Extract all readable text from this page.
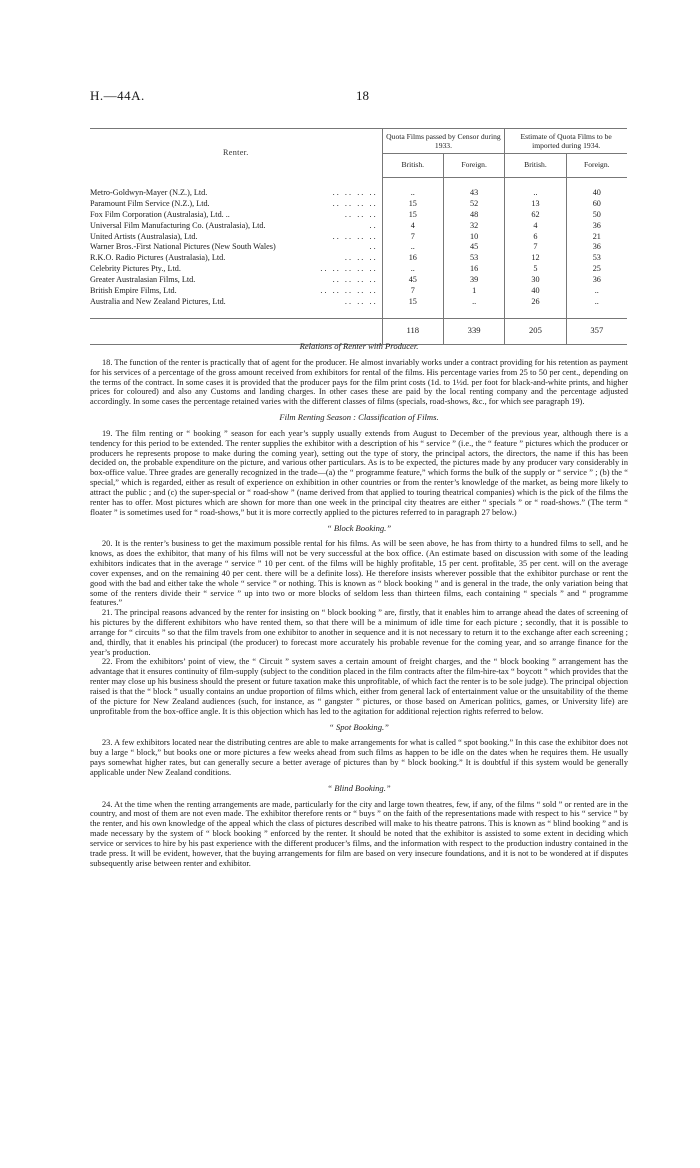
H.—44A.	18
Renter.	Quota Films passed by Censor during 1933.		Estimate of Quota Films to be imported during 1934.	
	British.	Foreign.	British.	Foreign.

Metro-Goldwyn-Mayer (N.Z.), Ltd. . .   . .   . .   . .	..	43	..	40
Paramount Film Service (N.Z.), Ltd. . .   . .   . .   . .	15	52	13	60
Fox Film Corporation (Australasia), Ltd. .. . .   . .   . .	15	48	62	50
Universal Film Manufacturing Co. (Australasia), Ltd. . .	4	32	4	36
United Artists (Australasia), Ltd. . .   . .   . .   . .	7	10	6	21
Warner Bros.-First National Pictures (New South Wales) . .	..	45	7	36
R.K.O. Radio Pictures (Australasia), Ltd. . .   . .   . .	16	53	12	53
Celebrity Pictures Pty., Ltd. . .   . .   . .   . .   . .	..	16	5	25
Greater Australasian Films, Ltd. . .   . .   . .   . .	45	39	30	36
British Empire Films, Ltd. . .   . .   . .   . .   . .	7	1	40	..
Australia and New Zealand Pictures, Ltd. . .   . .   . .	15	..	26	..

	118	339	205	357
Relations of Renter with Producer.

18. The function of the renter is practically that of agent for the producer. He almost invariably works under a contract providing for his retention as payment for his services of a percentage of the gross amount received from exhibitors for rental of the films. His percentage varies from 25 to 50 per cent., depending on the terms of the contract. In some cases it is provided that the producer pays for the film print costs (1d. to 1½d. per foot for black-and-white prints, and higher prices for coloured) and also any Customs and landing charges. In other cases these are paid by the local renting company and the percentage adjusted accordingly. In some cases the percentage retained varies with the different classes of films (specials, road-shows, &c., for which see paragraph 19).

Film Renting Season : Classification of Films.

19. The film renting or “ booking ” season for each year’s supply usually extends from August to December of the previous year, although there is a tendency for this period to be extended. The renter supplies the exhibitor with a description of his “ service ” (i.e., the “ feature ” pictures which the producer or producers he represents propose to make during the coming year), setting out the type of story, the principal actors, the directors, the name if this has been decided on, the probable expenditure on the picture, and various other particulars. As is to be expected, the pictures made by any producer vary considerably in box-office value. Three grades are generally recognized in the trade—(a) the “ programme feature,” which forms the bulk of the supply or “ service ” ; (b) the “ special,” which is regarded, either as result of experience on exhibition in other countries or from the renter’s knowledge of the market, as being more likely to attract the public ; and (c) the super-special or “ road-show ” (name derived from that applied to touring theatrical companies) which is the pick of the films the renter has to offer. Most pictures which are shown for more than one week in the principal city theatres are either “ specials ” or “ road-shows.” (The term “ floater ” is sometimes used for “ road-shows,” but it is more correctly applied to the pictures referred to in paragraph 27 below.)

“ Block Booking.”

20. It is the renter’s business to get the maximum possible rental for his films. As will be seen above, he has from thirty to a hundred films to sell, and he knows, as does the exhibitor, that many of his films will not be very successful at the box office. (An estimate based on discussion with some of the leading exhibitors indicates that in the average “ service ” 10 per cent. of the films will be highly profitable, 15 per cent. profitable, 35 per cent. will on the average cover expenses, and on the remaining 40 per cent. there will be a definite loss). He therefore insists wherever possible that the exhibitor purchase or rent the good with the bad and either take the whole “ service ” or nothing. This is known as “ block booking ” and is general in the trade, the only variation being that some of the renters divide their “ service ” up into two or more blocks of seldom less than thirteen films, each containing “ specials ” and “ programme features.”

21. The principal reasons advanced by the renter for insisting on “ block booking ” are, firstly, that it enables him to arrange ahead the dates of screening of his pictures by the different exhibitors who have rented them, so that there will be a minimum of idle time for each picture ; secondly, that it is possible to arrange for “ circuits ” so that the film travels from one exhibitor to another in sequence and it is not necessary to return it to the exchange after each screening ; and, thirdly, that it enables his principal (the producer) to forecast more accurately his probable revenue for the coming year, and so arrange finance for the year’s production.

22. From the exhibitors’ point of view, the “ Circuit ” system saves a certain amount of freight charges, and the “ block booking ” arrangement has the advantage that it ensures continuity of film-supply (subject to the condition placed in the film contracts after the film-hire-tax “ boycott ” which provides that the renter may close up his business should the present or future taxation make this unprofitable, of which fact the renter is to be sole judge). The principal objection raised is that the “ block ” usually contains an undue proportion of films which, either from general lack of entertainment value or the unsuitability of the theme of the picture for New Zealand audiences (such, for instance, as “ gangster ” pictures, or those based on American politics, games, or University life) are unprofitable from the box-office angle. It is this objection which has led to the agitation for additional rejection rights referred to below.

“ Spot Booking.”

23. A few exhibitors located near the distributing centres are able to make arrangements for what is called “ spot booking.” In this case the exhibitor does not buy a large “ block,” but books one or more pictures a few weeks ahead from such films as happen to be idle on the dates when he requires them. He usually pays somewhat higher rates, but can generally secure a better average of pictures than by “ block booking.” It is doubtful if this system would be generally applicable under New Zealand conditions.

“ Blind Booking.”

24. At the time when the renting arrangements are made, particularly for the city and large town theatres, few, if any, of the films “ sold ” or rented are in the country, and most of them are not even made. The exhibitor therefore rents or “ buys ” on the faith of the representations made with respect to his “ service ” by the renter, and his own knowledge of the appeal which the class of pictures described will make to his theatre patrons. This is known as “ blind booking ” and is made necessary by the system of “ block booking ” enforced by the renter. It should be noted that the exhibitor is assisted to some extent in deciding which service or services to hire by his past experience with the different producer’s films, and the information with respect to the production industry contained in the trade press. It will be evident, however, that the buying arrangements for film are based on very insecure foundations, and it is not to be wondered at if disputes subsequently arise between renter and exhibitor.
